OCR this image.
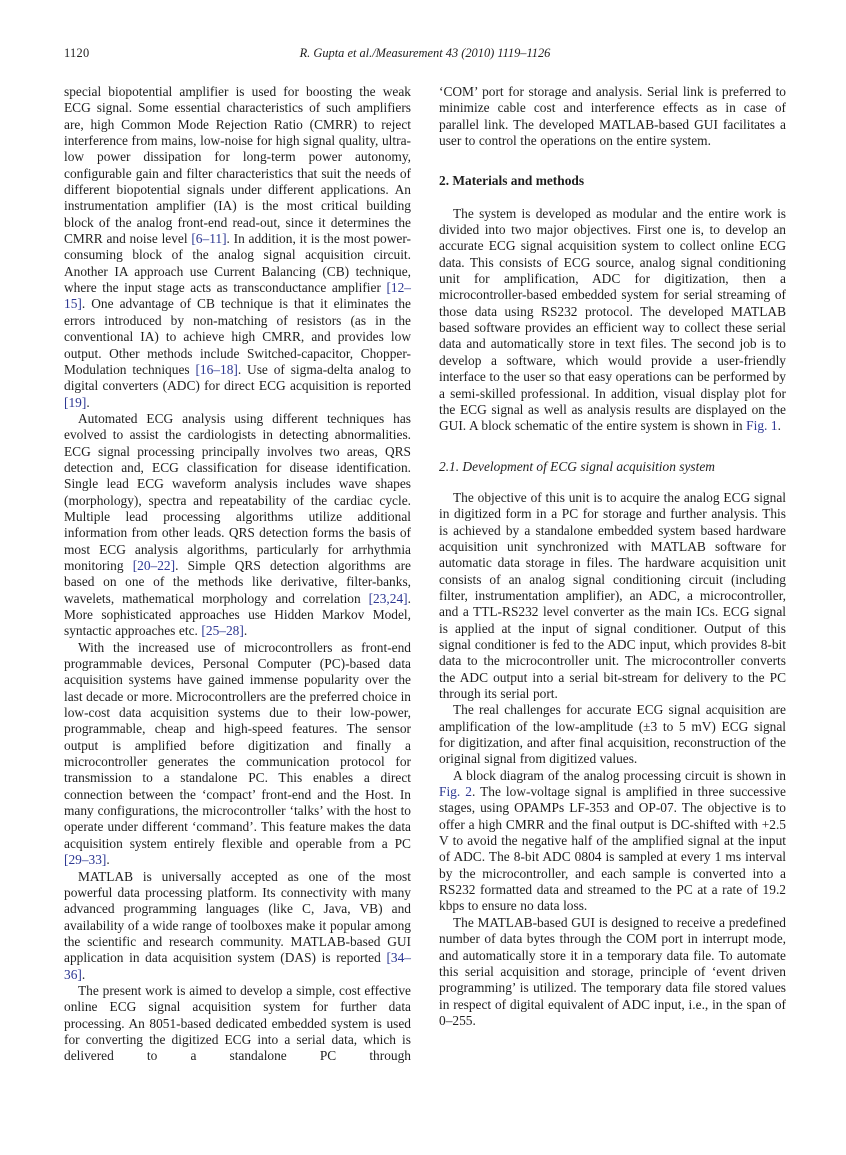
1120	R. Gupta et al./Measurement 43 (2010) 1119–1126

special biopotential amplifier is used for boosting the weak ECG signal. Some essential characteristics of such amplifiers are, high Common Mode Rejection Ratio (CMRR) to reject interference from mains, low-noise for high signal quality, ultra-low power dissipation for long-term power autonomy, configurable gain and filter characteristics that suit the needs of different biopotential signals under different applications. An instrumentation amplifier (IA) is the most critical building block of the analog front-end read-out, since it determines the CMRR and noise level [6–11]. In addition, it is the most power-consuming block of the analog signal acquisition circuit. Another IA approach use Current Balancing (CB) technique, where the input stage acts as transconductance amplifier [12–15]. One advantage of CB technique is that it eliminates the errors introduced by non-matching of resistors (as in the conventional IA) to achieve high CMRR, and provides low output. Other methods include Switched-capacitor, Chopper-Modulation techniques [16–18]. Use of sigma-delta analog to digital converters (ADC) for direct ECG acquisition is reported [19].

Automated ECG analysis using different techniques has evolved to assist the cardiologists in detecting abnormalities. ECG signal processing principally involves two areas, QRS detection and, ECG classification for disease identification. Single lead ECG waveform analysis includes wave shapes (morphology), spectra and repeatability of the cardiac cycle. Multiple lead processing algorithms utilize additional information from other leads. QRS detection forms the basis of most ECG analysis algorithms, particularly for arrhythmia monitoring [20–22]. Simple QRS detection algorithms are based on one of the methods like derivative, filter-banks, wavelets, mathematical morphology and correlation [23,24]. More sophisticated approaches use Hidden Markov Model, syntactic approaches etc. [25–28].

With the increased use of microcontrollers as front-end programmable devices, Personal Computer (PC)-based data acquisition systems have gained immense popularity over the last decade or more. Microcontrollers are the preferred choice in low-cost data acquisition systems due to their low-power, programmable, cheap and high-speed features. The sensor output is amplified before digitization and finally a microcontroller generates the communication protocol for transmission to a standalone PC. This enables a direct connection between the ‘compact’ front-end and the Host. In many configurations, the microcontroller ‘talks’ with the host to operate under different ‘command’. This feature makes the data acquisition system entirely flexible and operable from a PC [29–33].

MATLAB is universally accepted as one of the most powerful data processing platform. Its connectivity with many advanced programming languages (like C, Java, VB) and availability of a wide range of toolboxes make it popular among the scientific and research community. MATLAB-based GUI application in data acquisition system (DAS) is reported [34–36].

The present work is aimed to develop a simple, cost effective online ECG signal acquisition system for further data processing. An 8051-based dedicated embedded system is used for converting the digitized ECG into a serial data, which is delivered to a standalone PC through

‘COM’ port for storage and analysis. Serial link is preferred to minimize cable cost and interference effects as in case of parallel link. The developed MATLAB-based GUI facilitates a user to control the operations on the entire system.

2. Materials and methods

The system is developed as modular and the entire work is divided into two major objectives. First one is, to develop an accurate ECG signal acquisition system to collect online ECG data. This consists of ECG source, analog signal conditioning unit for amplification, ADC for digitization, then a microcontroller-based embedded system for serial streaming of those data using RS232 protocol. The developed MATLAB based software provides an efficient way to collect these serial data and automatically store in text files. The second job is to develop a software, which would provide a user-friendly interface to the user so that easy operations can be performed by a semi-skilled professional. In addition, visual display plot for the ECG signal as well as analysis results are displayed on the GUI. A block schematic of the entire system is shown in Fig. 1.

2.1. Development of ECG signal acquisition system

The objective of this unit is to acquire the analog ECG signal in digitized form in a PC for storage and further analysis. This is achieved by a standalone embedded system based hardware acquisition unit synchronized with MATLAB software for automatic data storage in files. The hardware acquisition unit consists of an analog signal conditioning circuit (including filter, instrumentation amplifier), an ADC, a microcontroller, and a TTL-RS232 level converter as the main ICs. ECG signal is applied at the input of signal conditioner. Output of this signal conditioner is fed to the ADC input, which provides 8-bit data to the microcontroller unit. The microcontroller converts the ADC output into a serial bit-stream for delivery to the PC through its serial port.

The real challenges for accurate ECG signal acquisition are amplification of the low-amplitude (±3 to 5 mV) ECG signal for digitization, and after final acquisition, reconstruction of the original signal from digitized values.

A block diagram of the analog processing circuit is shown in Fig. 2. The low-voltage signal is amplified in three successive stages, using OPAMPs LF-353 and OP-07. The objective is to offer a high CMRR and the final output is DC-shifted with +2.5 V to avoid the negative half of the amplified signal at the input of ADC. The 8-bit ADC 0804 is sampled at every 1 ms interval by the microcontroller, and each sample is converted into a RS232 formatted data and streamed to the PC at a rate of 19.2 kbps to ensure no data loss.

The MATLAB-based GUI is designed to receive a predefined number of data bytes through the COM port in interrupt mode, and automatically store it in a temporary data file. To automate this serial acquisition and storage, principle of ‘event driven programming’ is utilized. The temporary data file stored values in respect of digital equivalent of ADC input, i.e., in the span of 0–255.
